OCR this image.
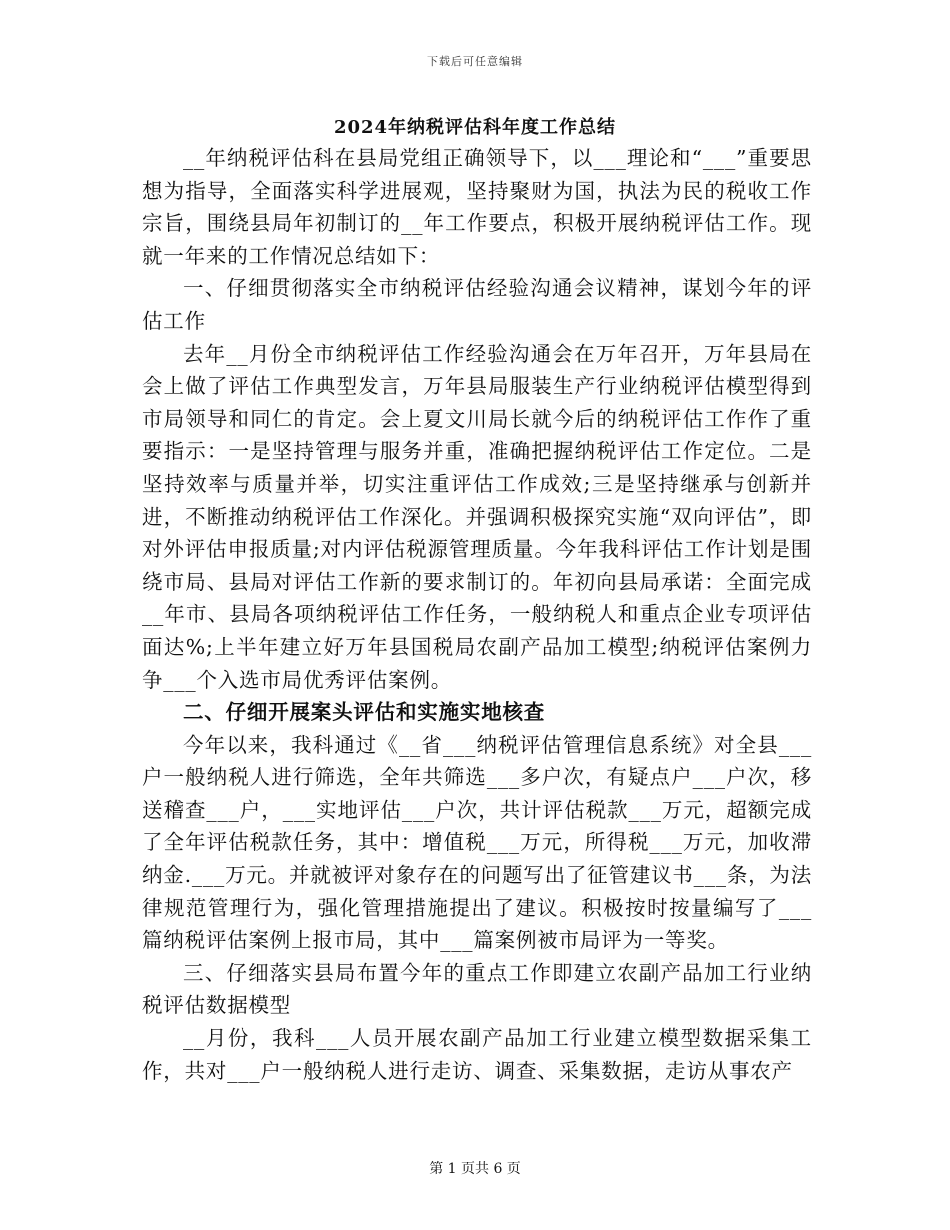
下载后可任意编辑
2024年纳税评估科年度工作总结

__年纳税评估科在县局党组正确领导下，以___理论和“___”重要思想为指导，全面落实科学进展观，坚持聚财为国，执法为民的税收工作宗旨，围绕县局年初制订的__年工作要点，积极开展纳税评估工作。现就一年来的工作情况总结如下：

一、仔细贯彻落实全市纳税评估经验沟通会议精神，谋划今年的评估工作

去年__月份全市纳税评估工作经验沟通会在万年召开，万年县局在会上做了评估工作典型发言，万年县局服装生产行业纳税评估模型得到市局领导和同仁的肯定。会上夏文川局长就今后的纳税评估工作作了重要指示：一是坚持管理与服务并重，准确把握纳税评估工作定位。二是坚持效率与质量并举，切实注重评估工作成效;三是坚持继承与创新并进，不断推动纳税评估工作深化。并强调积极探究实施“双向评估”，即对外评估申报质量;对内评估税源管理质量。今年我科评估工作计划是围绕市局、县局对评估工作新的要求制订的。年初向县局承诺：全面完成__年市、县局各项纳税评估工作任务，一般纳税人和重点企业专项评估面达%;上半年建立好万年县国税局农副产品加工模型;纳税评估案例力争___个入选市局优秀评估案例。

二、仔细开展案头评估和实施实地核查

今年以来，我科通过《__省___纳税评估管理信息系统》对全县___户一般纳税人进行筛选，全年共筛选___多户次，有疑点户___户次，移送稽查___户，___实地评估___户次，共计评估税款___万元，超额完成了全年评估税款任务，其中：增值税___万元，所得税___万元，加收滞纳金.___万元。并就被评对象存在的问题写出了征管建议书___条，为法律规范管理行为，强化管理措施提出了建议。积极按时按量编写了___篇纳税评估案例上报市局，其中___篇案例被市局评为一等奖。

三、仔细落实县局布置今年的重点工作即建立农副产品加工行业纳税评估数据模型

__月份，我科___人员开展农副产品加工行业建立模型数据采集工作，共对___户一般纳税人进行走访、调查、采集数据，走访从事农产

第 1 页共 6 页
